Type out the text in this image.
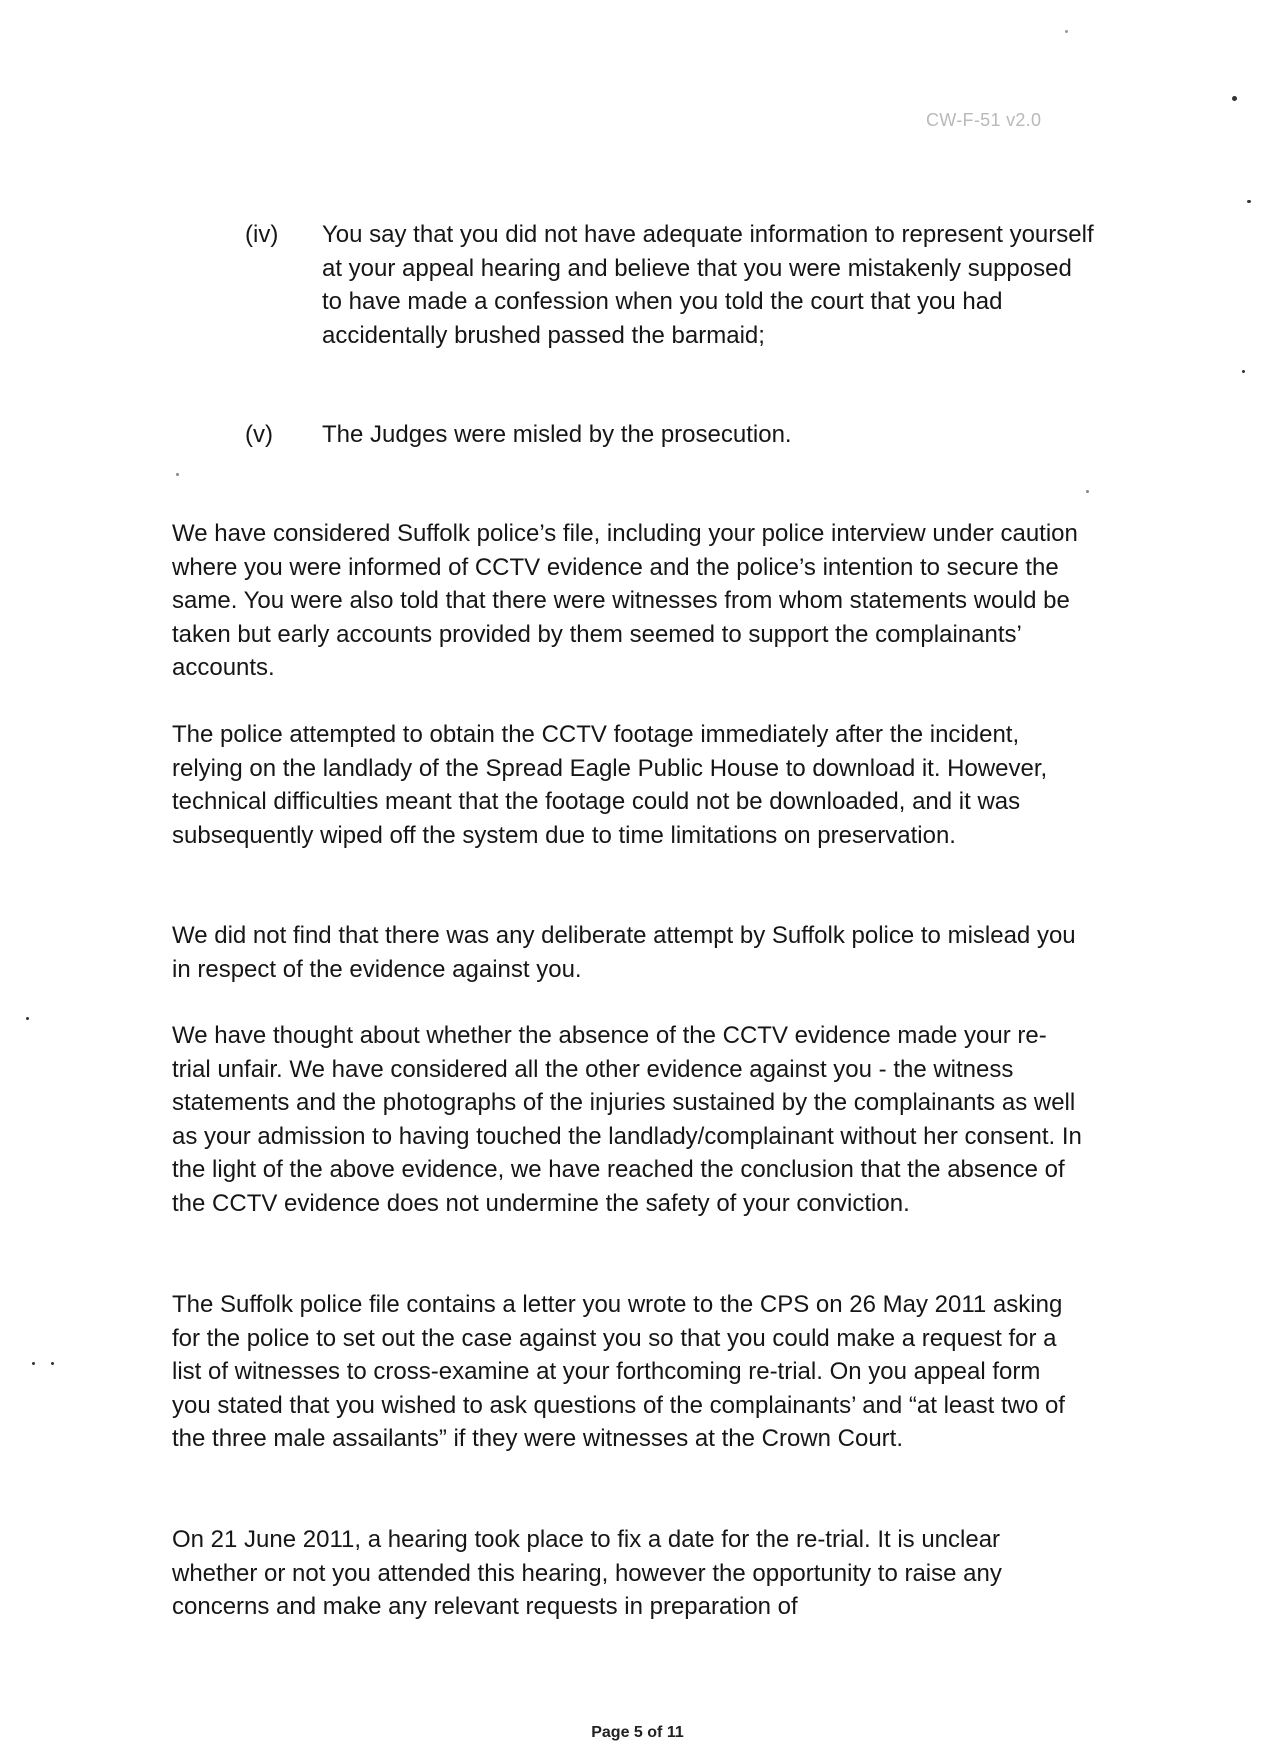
CW-F-51 v2.0
(iv) You say that you did not have adequate information to represent yourself at your appeal hearing and believe that you were mistakenly supposed to have made a confession when you told the court that you had accidentally brushed passed the barmaid;
(v) The Judges were misled by the prosecution.
We have considered Suffolk police’s file, including your police interview under caution where you were informed of CCTV evidence and the police’s intention to secure the same. You were also told that there were witnesses from whom statements would be taken but early accounts provided by them seemed to support the complainants’ accounts.
The police attempted to obtain the CCTV footage immediately after the incident, relying on the landlady of the Spread Eagle Public House to download it. However, technical difficulties meant that the footage could not be downloaded, and it was subsequently wiped off the system due to time limitations on preservation.
We did not find that there was any deliberate attempt by Suffolk police to mislead you in respect of the evidence against you.
We have thought about whether the absence of the CCTV evidence made your re-trial unfair. We have considered all the other evidence against you - the witness statements and the photographs of the injuries sustained by the complainants as well as your admission to having touched the landlady/complainant without her consent. In the light of the above evidence, we have reached the conclusion that the absence of the CCTV evidence does not undermine the safety of your conviction.
The Suffolk police file contains a letter you wrote to the CPS on 26 May 2011 asking for the police to set out the case against you so that you could make a request for a list of witnesses to cross-examine at your forthcoming re-trial. On you appeal form you stated that you wished to ask questions of the complainants’ and “at least two of the three male assailants” if they were witnesses at the Crown Court.
On 21 June 2011, a hearing took place to fix a date for the re-trial. It is unclear whether or not you attended this hearing, however the opportunity to raise any concerns and make any relevant requests in preparation of
Page 5 of 11
